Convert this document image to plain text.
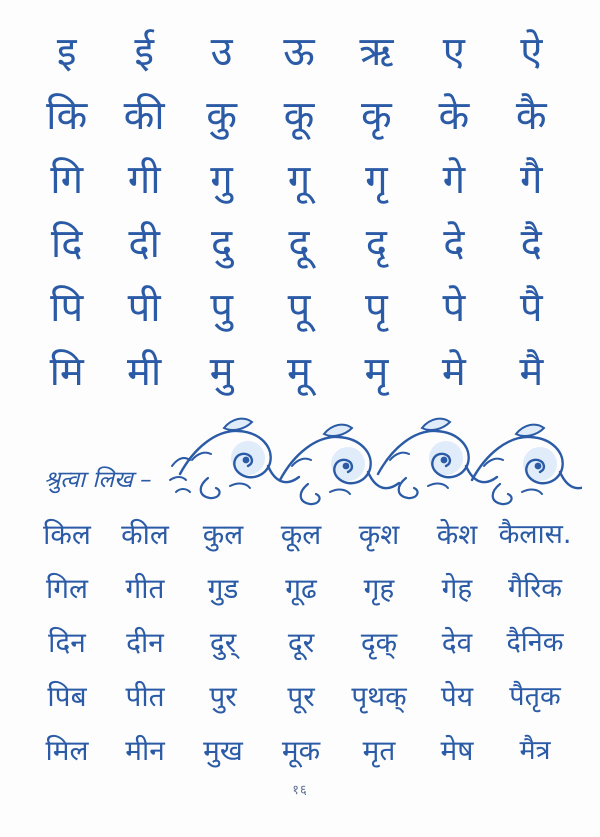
इ	ई	उ	ऊ	ऋ	ए	ऐ
कि की	कु	कू	कृ	के	कै
गि	गी	गु	गू	गृ	गे	गै
दि	दी	दु	दू	दृ	दे	दै
पि	पी	पु	पू	पृ	पे	पै
मि	मी	मु	मू	मृ	मे	मै
श्रुत्वा लिख –
किल	कील	कुल	कूल	कृश	केश कैलास.
गिल	गीत	गुड	गूढ	गृह	गेह	गैरिक
दिन	दीन	दुर्	दूर	दृक्	देव	दैनिक
पिब	पीत	पुर	पूर	पृथक्	पेय	पैतृक
मिल	मीन	मुख	मूक	मृत	मेष	मैत्र
१६
